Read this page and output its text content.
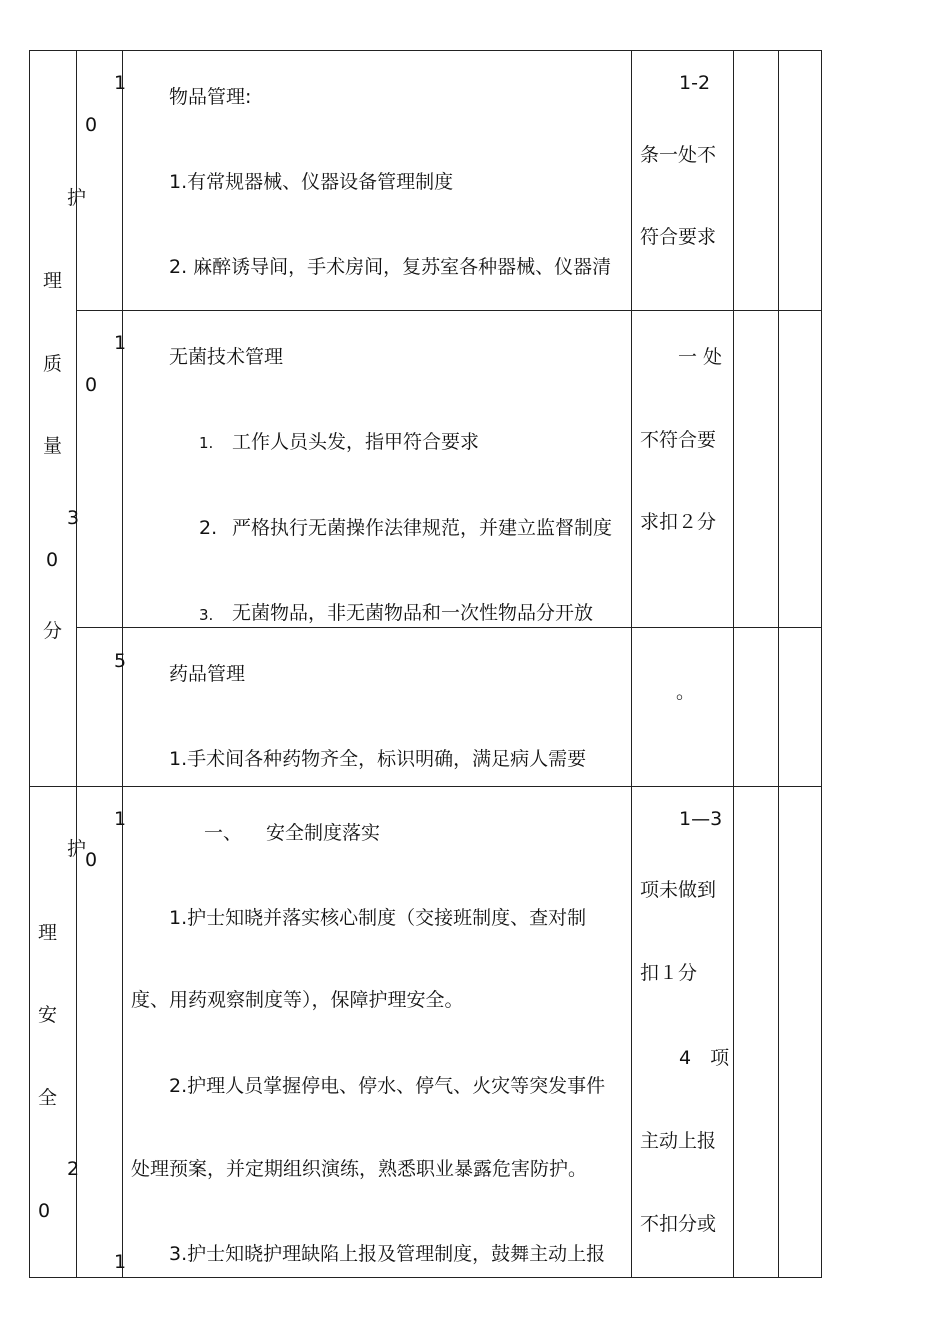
护
理
质
量
3
0
分
1
0
物品管理:
1.有常规器械、仪器设备管理制度
2. 麻醉诱导间，手术房间，复苏室各种器械、仪器清
1-2
条一处不
符合要求
1
0
无菌技术管理
1. 工作人员头发，指甲符合要求
2. 严格执行无菌操作法律规范，并建立监督制度
3. 无菌物品，非无菌物品和一次性物品分开放
一 处
不符合要
求扣２分
5
药品管理
1.手术间各种药物齐全，标识明确，满足病人需要
。
护
理
安
全
2
0
1
0
1
一、 安全制度落实
1.护士知晓并落实核心制度（交接班制度、查对制
度、用药观察制度等），保障护理安全。
2.护理人员掌握停电、停水、停气、火灾等突发事件
处理预案，并定期组织演练，熟悉职业暴露危害防护。
3.护士知晓护理缺陷上报及管理制度，鼓舞主动上报
1—3
项未做到
扣１分
4　项
主动上报
不扣分或
